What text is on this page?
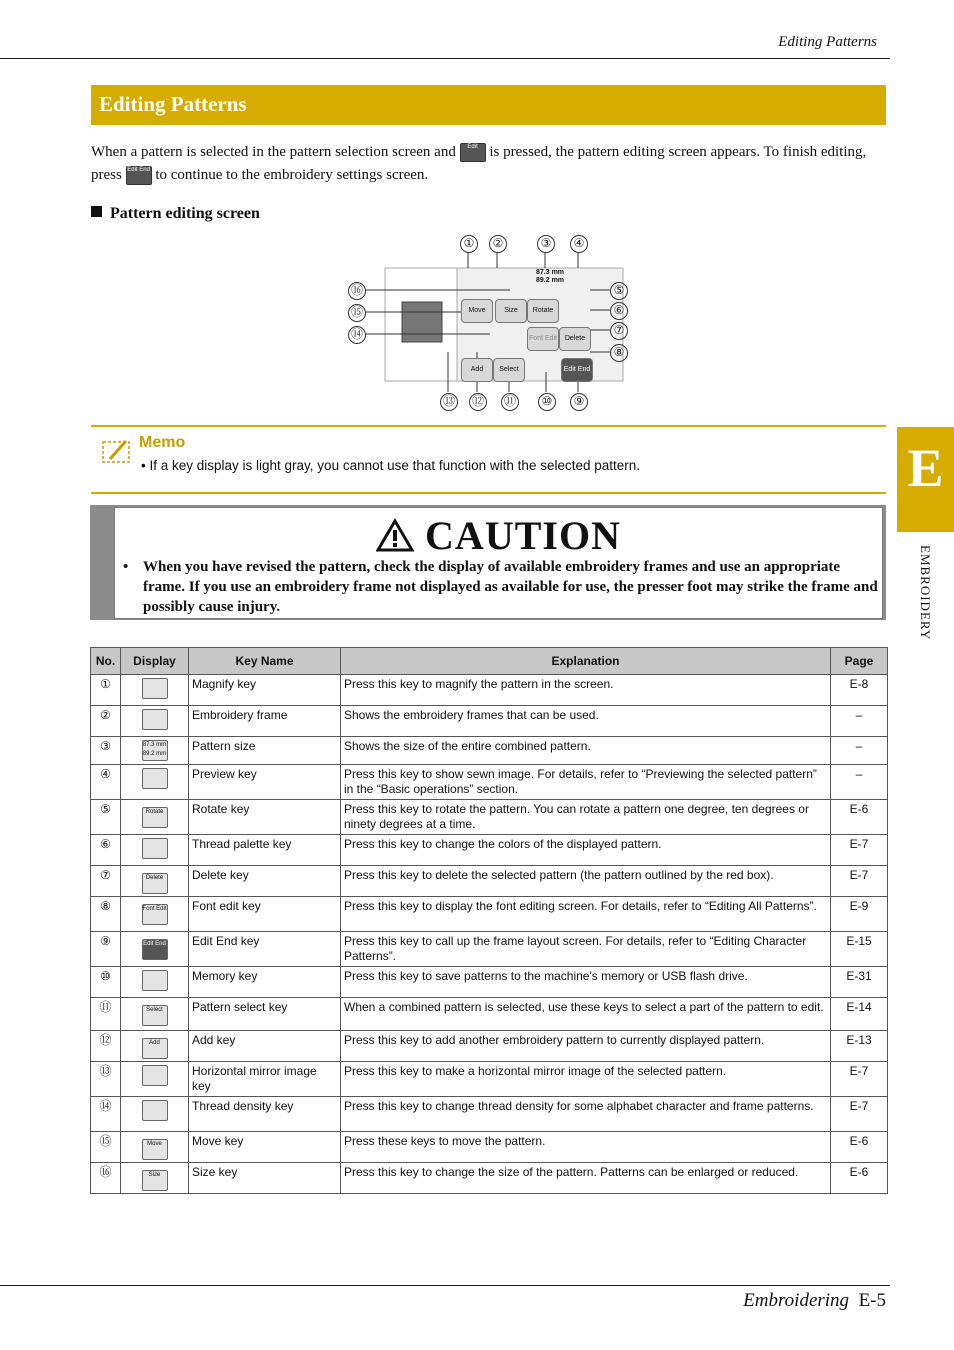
Editing Patterns
Editing Patterns
When a pattern is selected in the pattern selection screen and Edit is pressed, the pattern editing screen appears. To finish editing, press Edit End to continue to the embroidery settings screen.
Pattern editing screen
①	②	③	④
⑤
⑥
⑦
⑧
⑯
⑮
⑭
⑬ ⑫ ⑪	⑩	⑨
87.3 mm
89.2 mm
Move	Size	Rotate
Delete
Font Edit
Add	Select	Edit End
Memo
• If a key display is light gray, you cannot use that function with the selected pattern.
CAUTION
• When you have revised the pattern, check the display of available embroidery frames and use an appropriate frame. If you use an embroidery frame not displayed as available for use, the presser foot may strike the frame and possibly cause injury.
No.	Display	Key Name	Explanation	Page
①		Magnify key	Press this key to magnify the pattern in the screen.	E-8
②		Embroidery frame	Shows the embroidery frames that can be used.	–
③	87.3 mm 89.2 mm	Pattern size	Shows the size of the entire combined pattern.	–
④		Preview key	Press this key to show sewn image. For details, refer to “Previewing the selected pattern” in the “Basic operations” section.	–
⑤	Rotate	Rotate key	Press this key to rotate the pattern. You can rotate a pattern one degree, ten degrees or ninety degrees at a time.	E-6
⑥		Thread palette key	Press this key to change the colors of the displayed pattern.	E-7
⑦	Delete	Delete key	Press this key to delete the selected pattern (the pattern outlined by the red box).	E-7
⑧	Font Edit	Font edit key	Press this key to display the font editing screen. For details, refer to “Editing All Patterns”.	E-9
⑨	Edit End	Edit End key	Press this key to call up the frame layout screen. For details, refer to “Editing Character Patterns”.	E-15
⑩		Memory key	Press this key to save patterns to the machine's memory or USB flash drive.	E-31
⑪	Select	Pattern select key	When a combined pattern is selected, use these keys to select a part of the pattern to edit.	E-14
⑫	Add	Add key	Press this key to add another embroidery pattern to currently displayed pattern.	E-13
⑬		Horizontal mirror image key	Press this key to make a horizontal mirror image of the selected pattern.	E-7
⑭		Thread density key	Press this key to change thread density for some alphabet character and frame patterns.	E-7
⑮	Move	Move key	Press these keys to move the pattern.	E-6
⑯	Size	Size key	Press this key to change the size of the pattern. Patterns can be enlarged or reduced.	E-6
E
EMBROIDERY
Embroidering E-5
